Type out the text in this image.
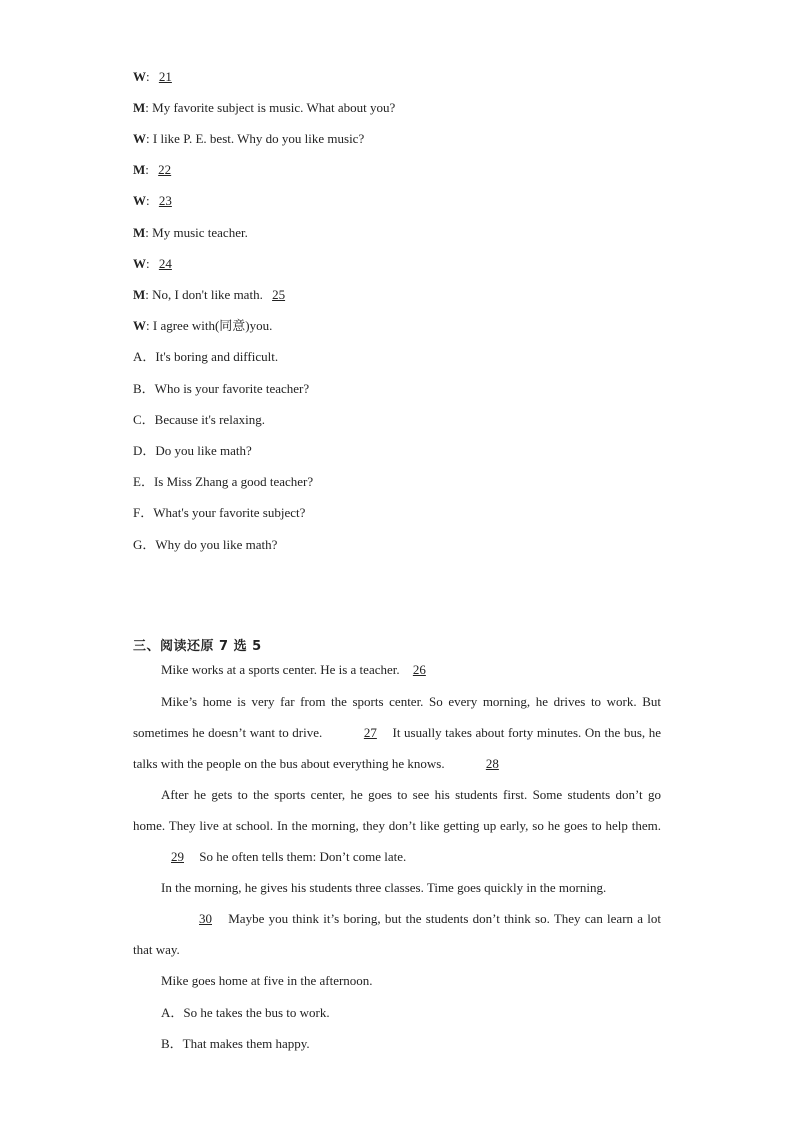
W: 21
M: My favorite subject is music. What about you?
W: I like P. E. best. Why do you like music?
M: 22
W: 23
M: My music teacher.
W: 24
M: No, I don't like math. 25
W: I agree with(同意)you.
A．It's boring and difficult.
B．Who is your favorite teacher?
C．Because it's relaxing.
D．Do you like math?
E．Is Miss Zhang a good teacher?
F．What's your favorite subject?
G．Why do you like math?
三、阅读还原 7 选 5
Mike works at a sports center. He is a teacher. 26
Mike’s home is very far from the sports center. So every morning, he drives to work. But sometimes he doesn’t want to drive.	27 It usually takes about forty minutes. On the bus, he talks with the people on the bus about everything he knows.	28
After he gets to the sports center, he goes to see his students first. Some students don’t go home. They live at school. In the morning, they don’t like getting up early, so he goes to help them. 29 So he often tells them: Don’t come late.
In the morning, he gives his students three classes. Time goes quickly in the morning.
30 Maybe you think it’s boring, but the students don’t think so. They can learn a lot that way.
Mike goes home at five in the afternoon.
A．So he takes the bus to work.
B．That makes them happy.
